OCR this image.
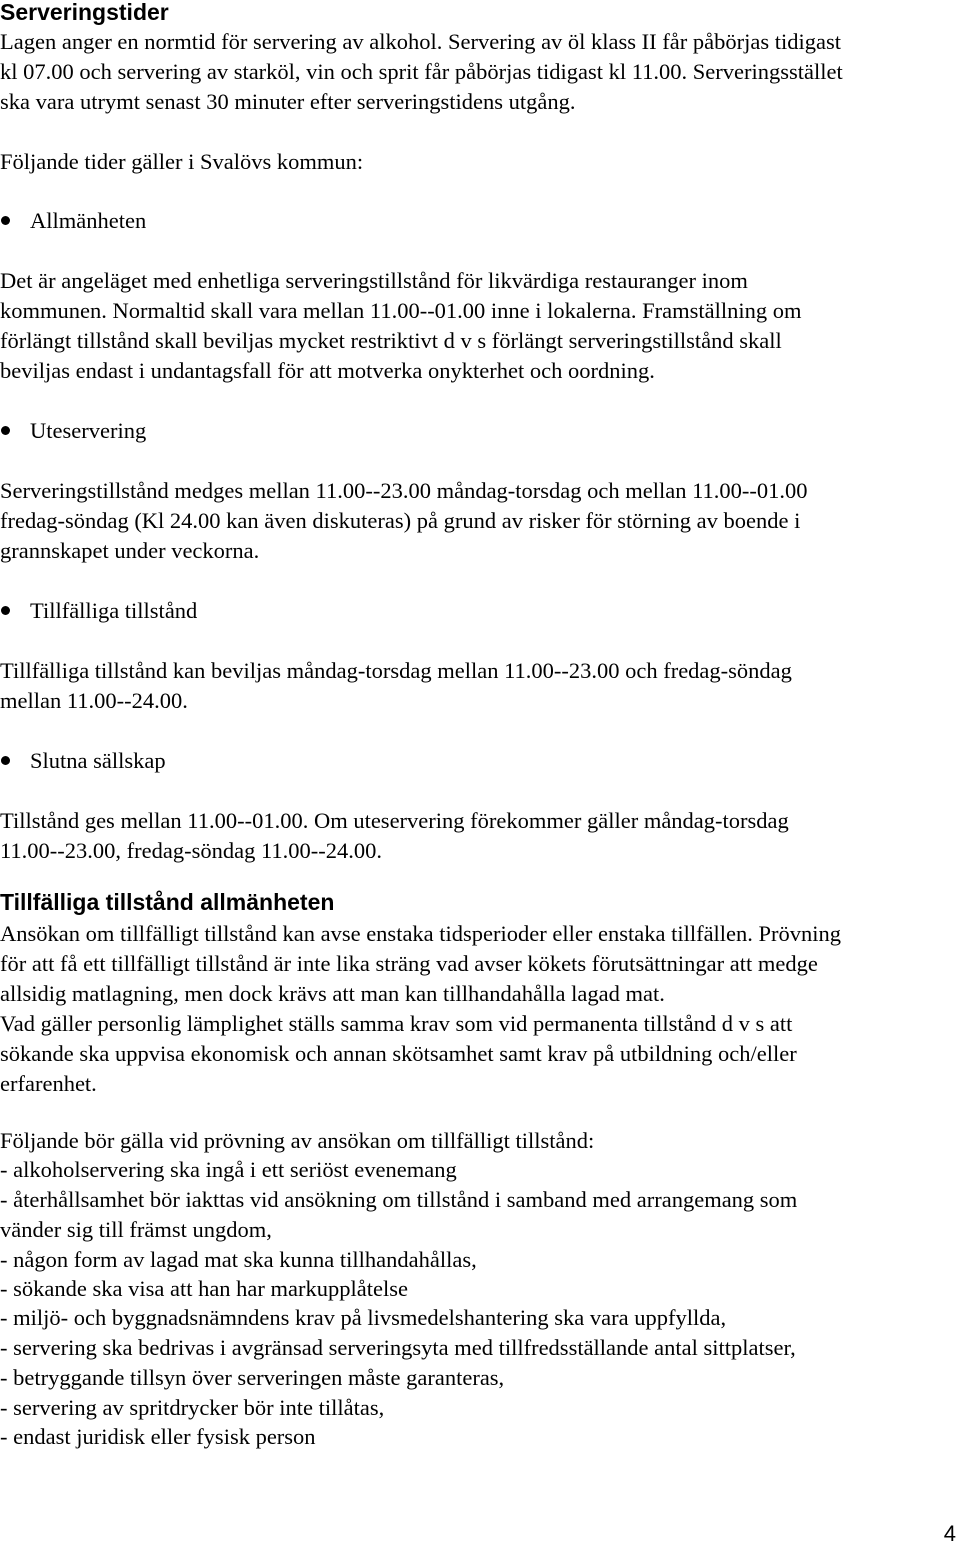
Serveringstider
Lagen anger en normtid för servering av alkohol. Servering av öl klass II får påbörjas tidigast
kl 07.00 och servering av starköl, vin och sprit får påbörjas tidigast kl 11.00. Serveringsstället
ska vara utrymt senast 30 minuter efter serveringstidens utgång.
Följande tider gäller i Svalövs kommun:
Allmänheten
Det är angeläget med enhetliga serveringstillstånd för likvärdiga restauranger inom
kommunen. Normaltid skall vara mellan 11.00--01.00 inne i lokalerna. Framställning om
förlängt tillstånd skall beviljas mycket restriktivt d v s förlängt serveringstillstånd skall
beviljas endast i undantagsfall för att motverka onykterhet och oordning.
Uteservering
Serveringstillstånd medges mellan 11.00--23.00 måndag-torsdag och mellan 11.00--01.00
fredag-söndag (Kl 24.00 kan även diskuteras) på grund av risker för störning av boende i
grannskapet under veckorna.
Tillfälliga tillstånd
Tillfälliga tillstånd kan beviljas måndag-torsdag mellan 11.00--23.00 och fredag-söndag
mellan 11.00--24.00.
Slutna sällskap
Tillstånd ges mellan 11.00--01.00. Om uteservering förekommer gäller måndag-torsdag
11.00--23.00, fredag-söndag 11.00--24.00.
Tillfälliga tillstånd allmänheten
Ansökan om tillfälligt tillstånd kan avse enstaka tidsperioder eller enstaka tillfällen. Prövning
för att få ett tillfälligt tillstånd är inte lika sträng vad avser kökets förutsättningar att medge
allsidig matlagning, men dock krävs att man kan tillhandahålla lagad mat.
Vad gäller personlig lämplighet ställs samma krav som vid permanenta tillstånd d v s att
sökande ska uppvisa ekonomisk och annan skötsamhet samt krav på utbildning och/eller
erfarenhet.
Följande bör gälla vid prövning av ansökan om tillfälligt tillstånd:
- alkoholservering ska ingå i ett seriöst evenemang
- återhållsamhet bör iakttas vid ansökning om tillstånd i samband med arrangemang som
vänder sig till främst ungdom,
- någon form av lagad mat ska kunna tillhandahållas,
- sökande ska visa att han har markupplåtelse
- miljö- och byggnadsnämndens krav på livsmedelshantering ska vara uppfyllda,
- servering ska bedrivas i avgränsad serveringsyta med tillfredsställande antal sittplatser,
- betryggande tillsyn över serveringen måste garanteras,
- servering av spritdrycker bör inte tillåtas,
- endast juridisk eller fysisk person
4
